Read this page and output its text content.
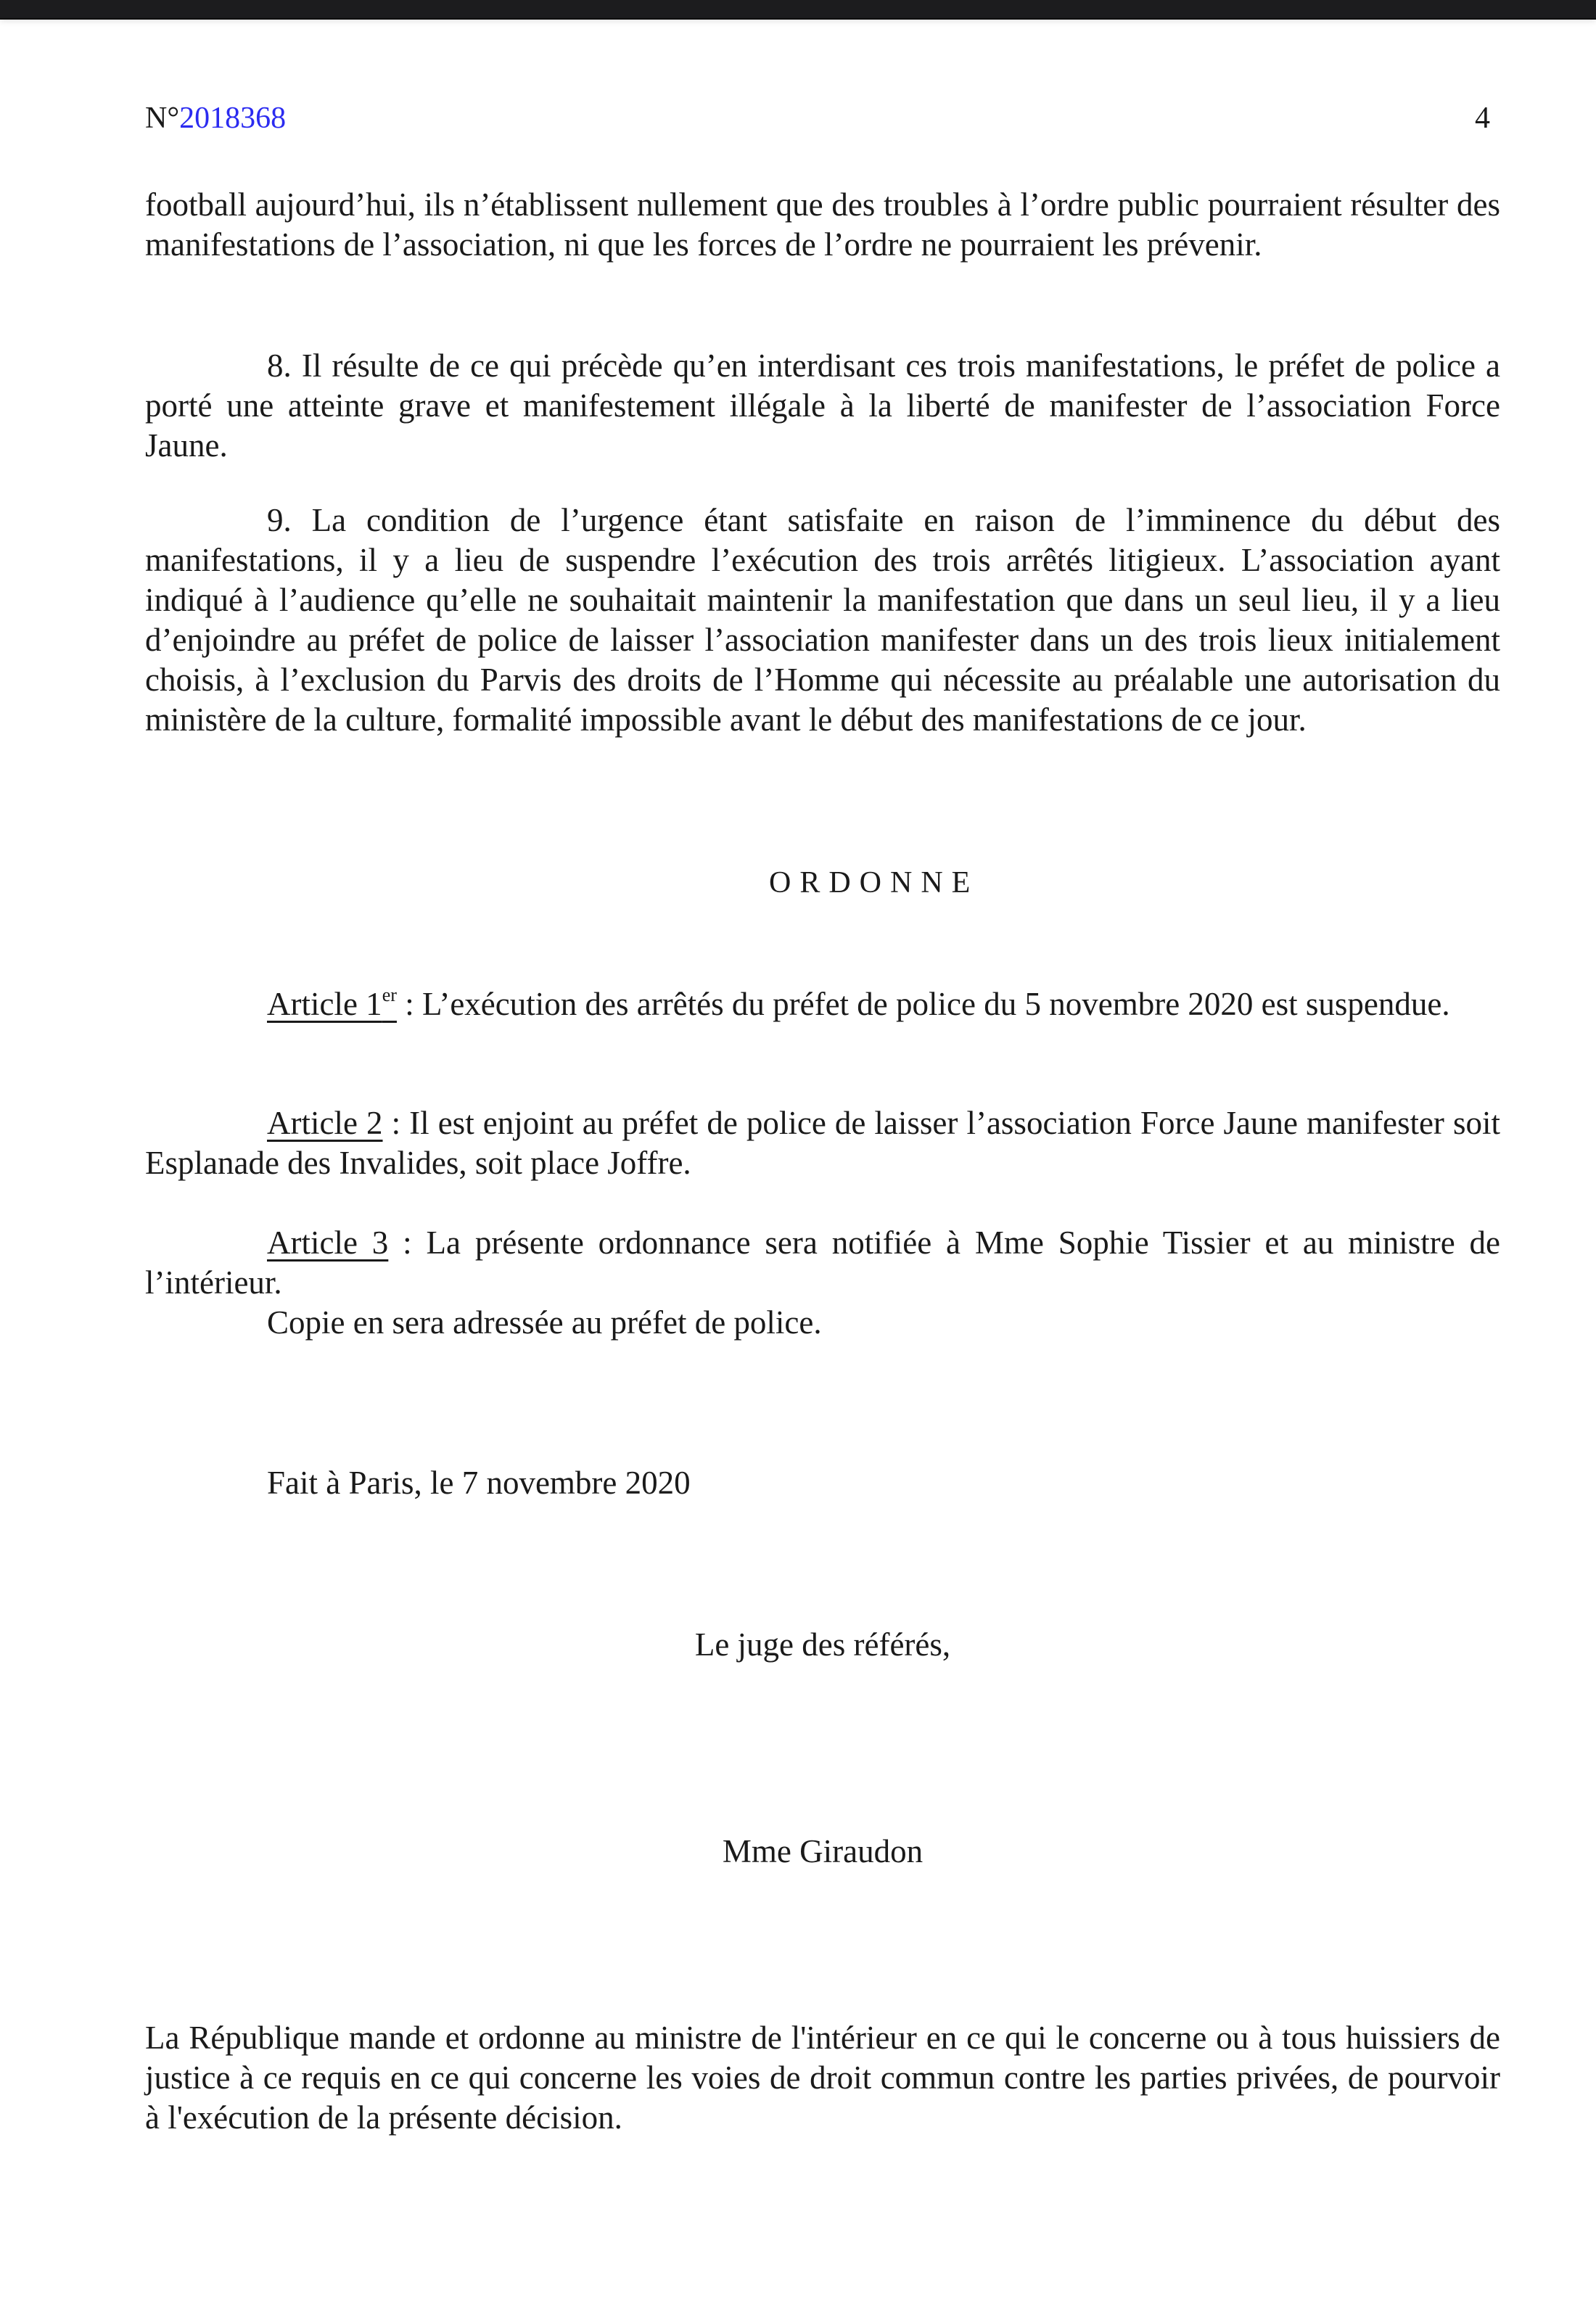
N°2018368	4

football aujourd’hui, ils n’établissent nullement que des troubles à l’ordre public pourraient résulter des manifestations de l’association, ni que les forces de l’ordre ne pourraient les prévenir.

8. Il résulte de ce qui précède qu’en interdisant ces trois manifestations, le préfet de police a porté une atteinte grave et manifestement illégale à la liberté de manifester de l’association Force Jaune.

9. La condition de l’urgence étant satisfaite en raison de l’imminence du début des manifestations, il y a lieu de suspendre l’exécution des trois arrêtés litigieux. L’association ayant indiqué à l’audience qu’elle ne souhaitait maintenir la manifestation que dans un seul lieu, il y a lieu d’enjoindre au préfet de police de laisser l’association manifester dans un des trois lieux initialement choisis, à l’exclusion du Parvis des droits de l’Homme qui nécessite au préalable une autorisation du ministère de la culture, formalité impossible avant le début des manifestations de ce jour.

ORDONNE

Article 1er : L’exécution des arrêtés du préfet de police du 5 novembre 2020 est suspendue.

Article 2 : Il est enjoint au préfet de police de laisser l’association Force Jaune manifester soit Esplanade des Invalides, soit place Joffre.

Article 3 : La présente ordonnance sera notifiée à Mme Sophie Tissier et au ministre de l’intérieur.

Copie en sera adressée au préfet de police.

Fait à Paris, le 7 novembre 2020

Le juge des référés,
Mme Giraudon

La République mande et ordonne au ministre de l'intérieur en ce qui le concerne ou à tous huissiers de justice à ce requis en ce qui concerne les voies de droit commun contre les parties privées, de pourvoir à l'exécution de la présente décision.
